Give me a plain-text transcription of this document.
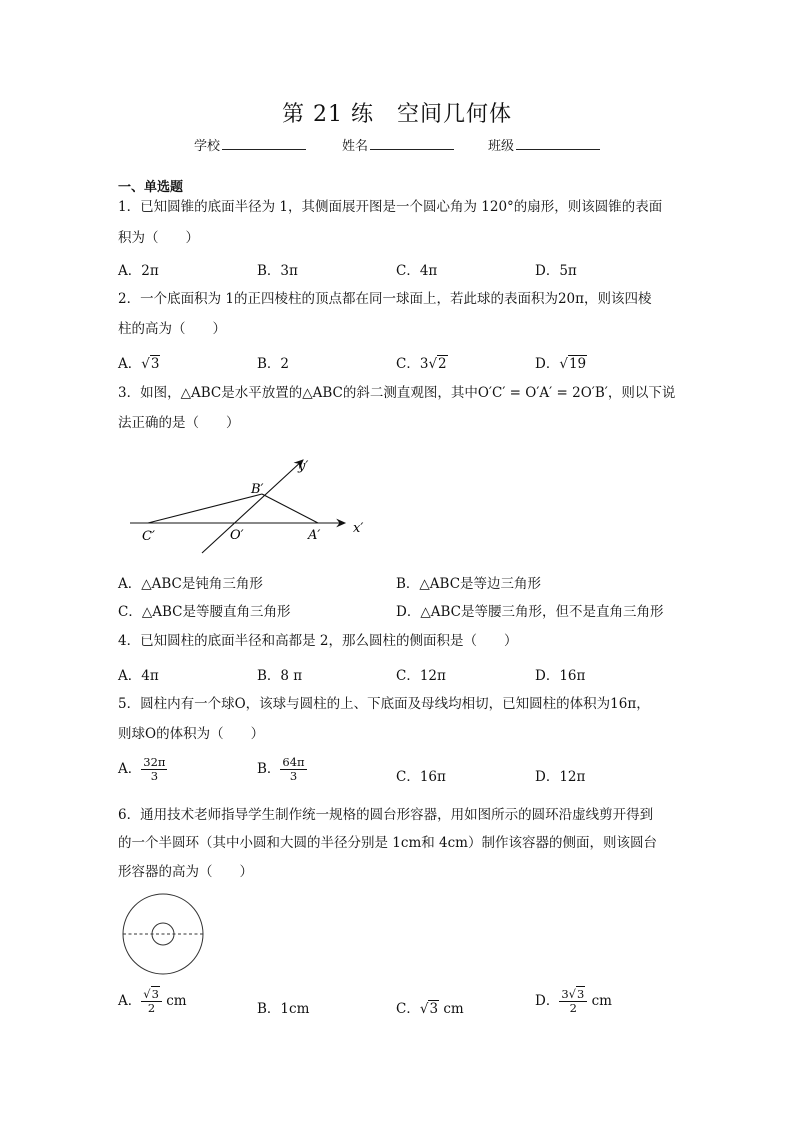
第 21 练　空间几何体
学校	姓名	班级
一、单选题
1．已知圆锥的底面半径为 1，其侧面展开图是一个圆心角为 120°的扇形，则该圆锥的表面
积为（　　）
A．2π	B．3π	C．4π	D．5π
2．一个底面积为 1的正四棱柱的顶点都在同一球面上，若此球的表面积为20π，则该四棱
柱的高为（　　）
A．√3	B．2	C．3√2	D．√19
3．如图，△ABC是水平放置的△ABC的斜二测直观图，其中O′C′ = O′A′ = 2O′B′，则以下说
法正确的是（　　）
y′
x′
B′
C′	O′	A′
A．△ABC是钝角三角形	B．△ABC是等边三角形
C．△ABC是等腰直角三角形	D．△ABC是等腰三角形，但不是直角三角形
4．已知圆柱的底面半径和高都是 2，那么圆柱的侧面积是（　　）
A．4π	B．8 π	C．12π	D．16π
5．圆柱内有一个球O，该球与圆柱的上、下底面及母线均相切，已知圆柱的体积为16π，
则球O的体积为（　　）
A． $\frac{32\pi}{3}$	B． $\frac{64\pi}{3}$	C．16π	D．12π
6．通用技术老师指导学生制作统一规格的圆台形容器，用如图所示的圆环沿虚线剪开得到
的一个半圆环（其中小圆和大圆的半径分别是 1cm和 4cm）制作该容器的侧面，则该圆台
形容器的高为（　　）
A． $\frac{√3}{2}$ cm	B．1cm	C．√3 cm	D． $\frac{3√3}{2}$ cm
